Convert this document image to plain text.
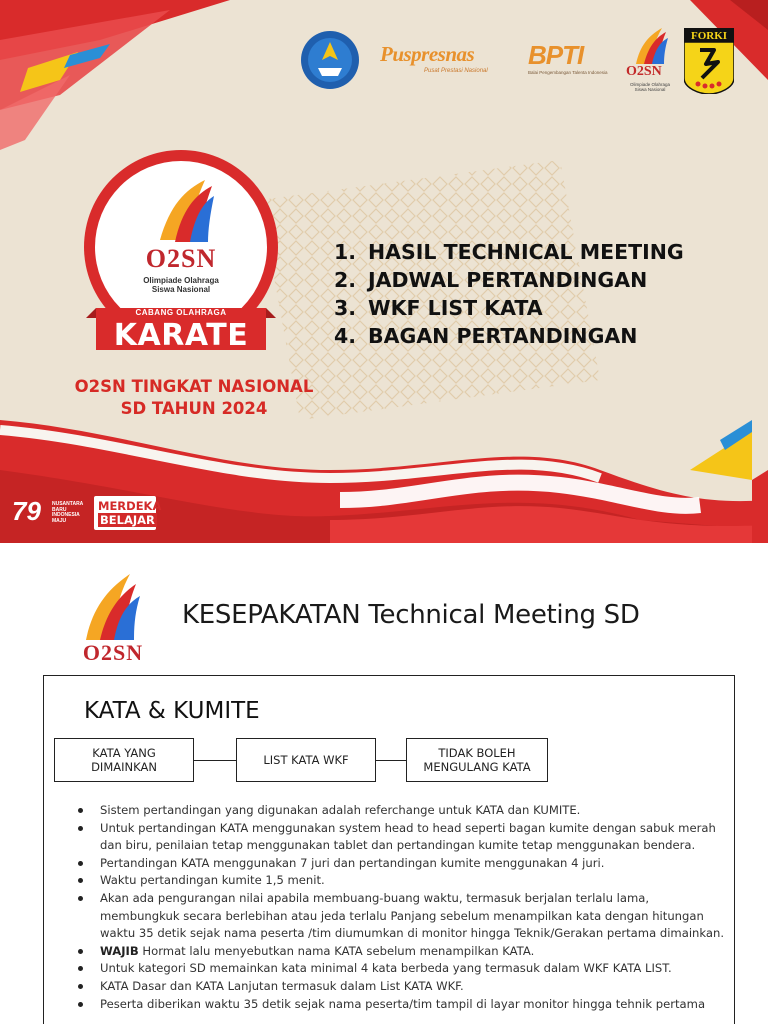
Puspresnas
Pusat Prestasi Nasional
BPTI
Balai Pengembangan Talenta Indonesia O2SN
Olimpiade Olahraga Siswa Nasional
FORKI
O2SN
Olimpiade Olahraga
Siswa Nasional
CABANG OLAHRAGA
KARATE
O2SN TINGKAT NASIONAL
SD TAHUN 2024
1. HASIL TECHNICAL MEETING
2. JADWAL PERTANDINGAN
3. WKF LIST KATA
4. BAGAN PERTANDINGAN
79 NUSANTARA
BARU
INDONESIA
MAJU
MERDEKA
BELAJAR
O2SN
KESEPAKATAN Technical Meeting SD
KATA & KUMITE
KATA YANG
DIMAINKAN	LIST KATA WKF	TIDAK BOLEH
MENGULANG KATA
Sistem pertandingan yang digunakan adalah referchange untuk KATA dan KUMITE.
Untuk pertandingan KATA menggunakan system head to head seperti bagan kumite dengan sabuk merah dan biru, penilaian tetap menggunakan tablet dan pertandingan kumite tetap menggunakan bendera.
Pertandingan KATA menggunakan 7 juri dan pertandingan kumite menggunakan 4 juri.
Waktu pertandingan kumite 1,5 menit.
Akan ada pengurangan nilai apabila membuang-buang waktu, termasuk berjalan terlalu lama, membungkuk secara berlebihan atau jeda terlalu Panjang sebelum menampilkan kata dengan hitungan waktu 35 detik sejak nama peserta /tim diumumkan di monitor hingga Teknik/Gerakan pertama dimainkan.
WAJIB Hormat lalu menyebutkan nama KATA sebelum menampilkan KATA.
Untuk kategori SD memainkan kata minimal 4 kata berbeda yang termasuk dalam WKF KATA LIST.
KATA Dasar dan KATA Lanjutan termasuk dalam List KATA WKF.
Peserta diberikan waktu 35 detik sejak nama peserta/tim tampil di layar monitor hingga tehnik pertama
